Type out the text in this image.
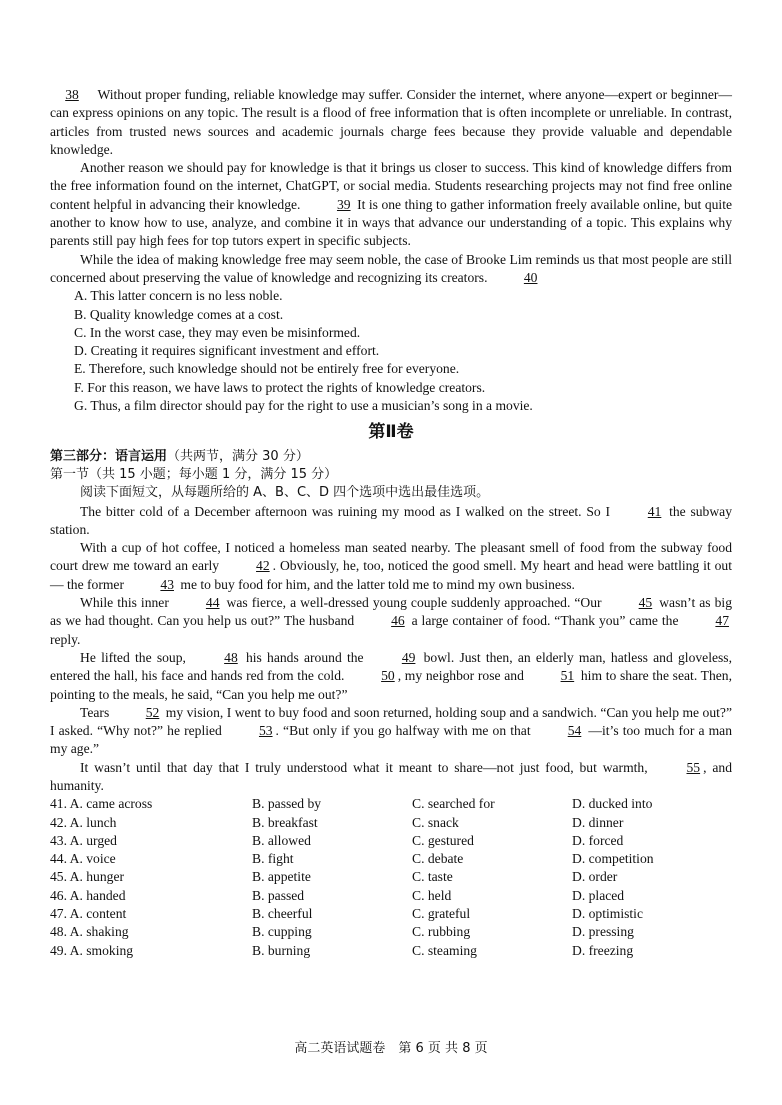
38 Without proper funding, reliable knowledge may suffer. Consider the internet, where anyone—expert or beginner—can express opinions on any topic. The result is a flood of free information that is often incomplete or unreliable. In contrast, articles from trusted news sources and academic journals charge fees because they provide valuable and dependable knowledge.

Another reason we should pay for knowledge is that it brings us closer to success. This kind of knowledge differs from the free information found on the internet, ChatGPT, or social media. Students researching projects may not find free online content helpful in advancing their knowledge. 39 It is one thing to gather information freely available online, but quite another to know how to use, analyze, and combine it in ways that advance our understanding of a topic. This explains why parents still pay high fees for top tutors expert in specific subjects.

While the idea of making knowledge free may seem noble, the case of Brooke Lim reminds us that most people are still concerned about preserving the value of knowledge and recognizing its creators. 40

A. This latter concern is no less noble.

B. Quality knowledge comes at a cost.

C. In the worst case, they may even be misinformed.

D. Creating it requires significant investment and effort.

E. Therefore, such knowledge should not be entirely free for everyone.

F. For this reason, we have laws to protect the rights of knowledge creators.

G. Thus, a film director should pay for the right to use a musician’s song in a movie.

第Ⅱ卷

第三部分：语言运用（共两节，满分 30 分）

第一节（共 15 小题；每小题 1 分，满分 15 分）

阅读下面短文，从每题所给的 A、B、C、D 四个选项中选出最佳选项。

The bitter cold of a December afternoon was ruining my mood as I walked on the street. So I 41 the subway station.

With a cup of hot coffee, I noticed a homeless man seated nearby. The pleasant smell of food from the subway food court drew me toward an early 42 . Obviously, he, too, noticed the good smell. My heart and head were battling it out— the former 43 me to buy food for him, and the latter told me to mind my own business.

While this inner 44 was fierce, a well-dressed young couple suddenly approached. “Our 45 wasn’t as big as we had thought. Can you help us out?” The husband 46 a large container of food. “Thank you” came the 47 reply.

He lifted the soup, 48 his hands around the 49 bowl. Just then, an elderly man, hatless and gloveless, entered the hall, his face and hands red from the cold. 50 , my neighbor rose and 51 him to share the seat. Then, pointing to the meals, he said, “Can you help me out?”

Tears 52 my vision, I went to buy food and soon returned, holding soup and a sandwich. “Can you help me out?” I asked. “Why not?” he replied 53 . “But only if you go halfway with me on that 54 —it’s too much for a man my age.”

It wasn’t until that day that I truly understood what it meant to share—not just food, but warmth, 55 , and humanity.

41. A. came across	B. passed by	C. searched for	D. ducked into
42. A. lunch	B. breakfast	C. snack	D. dinner
43. A. urged	B. allowed	C. gestured	D. forced
44. A. voice	B. fight	C. debate	D. competition
45. A. hunger	B. appetite	C. taste	D. order
46. A. handed	B. passed	C. held	D. placed
47. A. content	B. cheerful	C. grateful	D. optimistic
48. A. shaking	B. cupping	C. rubbing	D. pressing
49. A. smoking	B. burning	C. steaming	D. freezing
高二英语试题卷　第 6 页 共 8 页
